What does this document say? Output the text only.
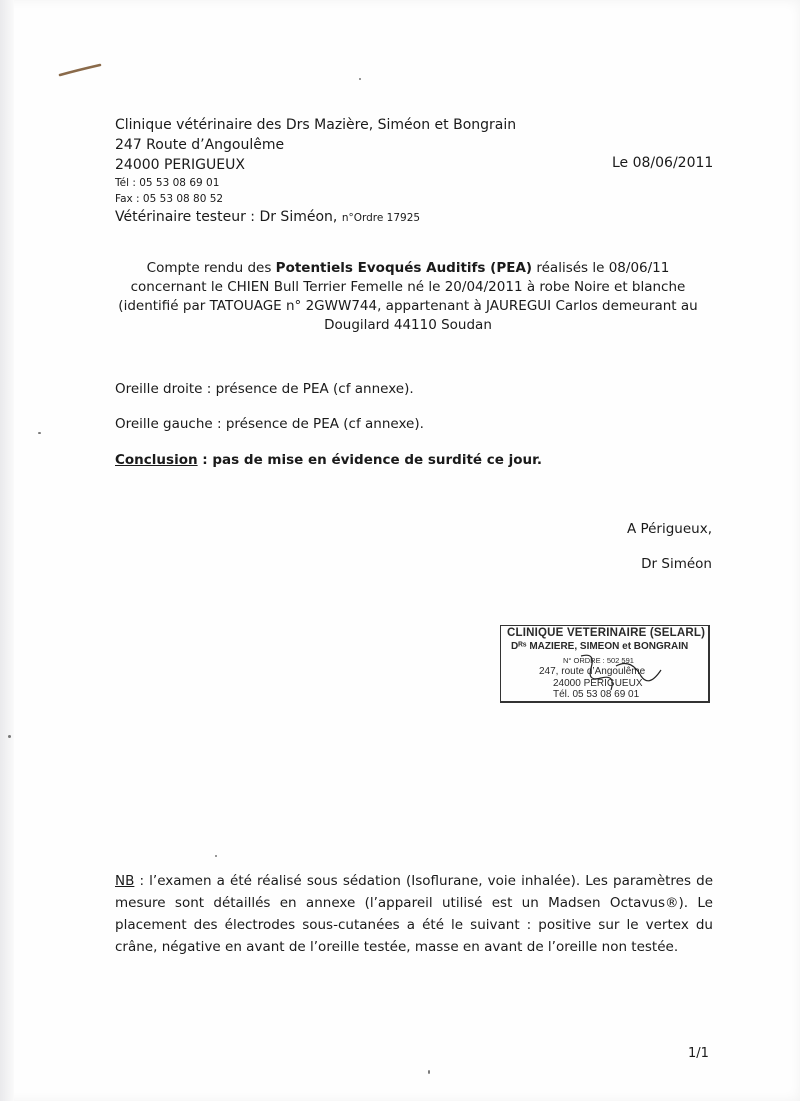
Clinique vétérinaire des Drs Mazière, Siméon et Bongrain
247 Route d’Angoulême
24000 PERIGUEUX
Tél : 05 53 08 69 01
Fax : 05 53 08 80 52
Vétérinaire testeur : Dr Siméon, n°Ordre 17925
Le 08/06/2011
Compte rendu des Potentiels Evoqués Auditifs (PEA) réalisés le 08/06/11 concernant le CHIEN Bull Terrier Femelle né le 20/04/2011 à robe Noire et blanche (identifié par TATOUAGE n° 2GWW744, appartenant à JAUREGUI Carlos demeurant au Dougilard 44110 Soudan
Oreille droite : présence de PEA (cf annexe).
Oreille gauche : présence de PEA (cf annexe).
Conclusion : pas de mise en évidence de surdité ce jour.
A Périgueux,
Dr Siméon
CLINIQUE VETERINAIRE (SELARL)
Dᴿˢ MAZIERE, SIMEON et BONGRAIN
N° ORDRE : 502 591
247, route d’Angoulême
24000 PERIGUEUX
Tél. 05 53 08 69 01
NB : l’examen a été réalisé sous sédation (Isoflurane, voie inhalée). Les paramètres de mesure sont détaillés en annexe (l’appareil utilisé est un Madsen Octavus®). Le placement des électrodes sous-cutanées a été le suivant : positive sur le vertex du crâne, négative en avant de l’oreille testée, masse en avant de l’oreille non testée.
1/1
